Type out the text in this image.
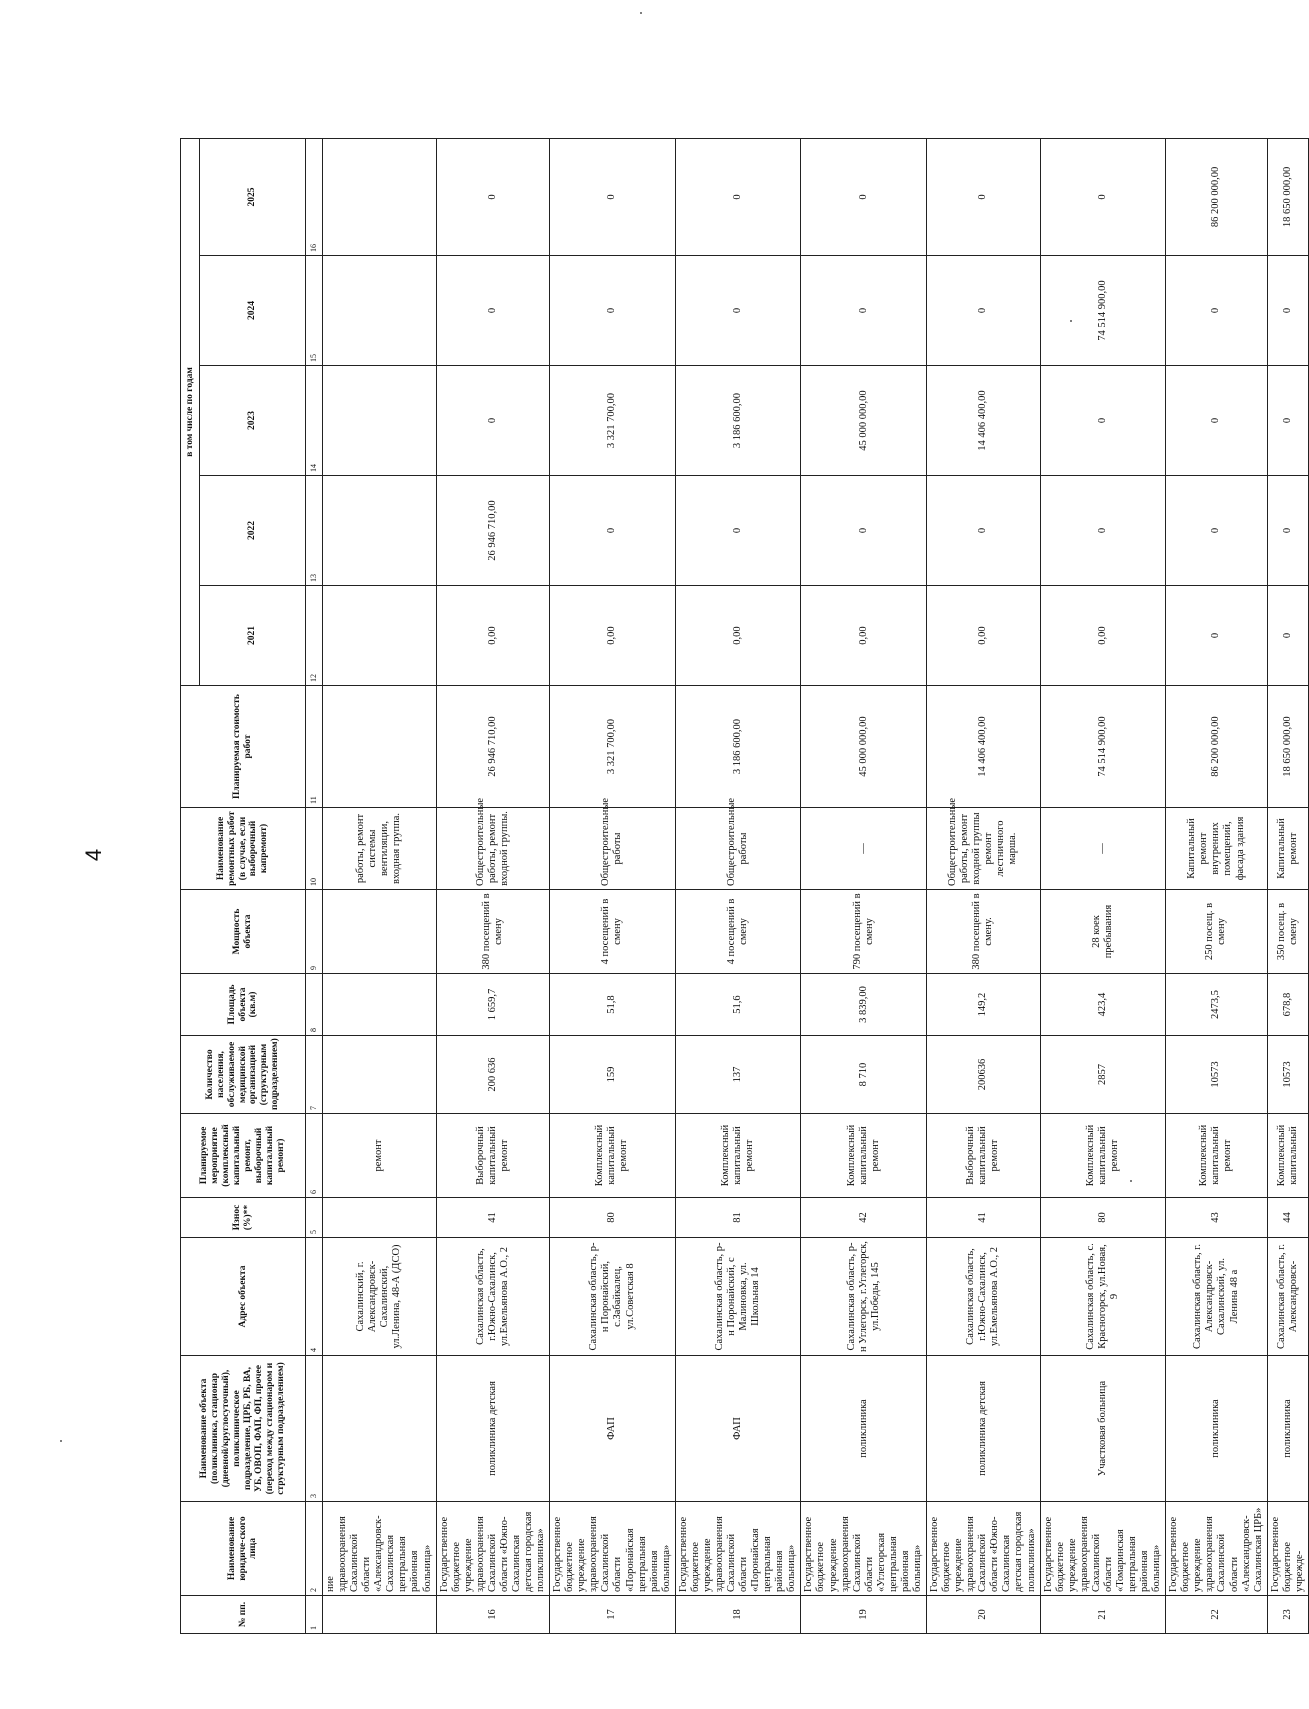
4
№ пп.	Наименование юридиче-ского лица	Наименование объекта (поликлиника, стационар (дневной/круглосуточный), поликлиническое подразделение, ЦРБ, РБ, ВА, УБ, ОВОП, ФАП, ФП, прочее (переход между стационаром и структурным подразделением)	Адрес объекта	Износ (%)**	Планируемое мероприятие (комплексный капитальный ремонт, выборочный капитальный ремонт)	Количество населения, обслуживаемое медицинской организацией (структурным подразделением)	Площадь объекта (кв.м)	Мощность объекта	Наименование ремонтных работ (в случае, если выборочный капремонт)	Планируемая стоимость работ	в том числе по годам				
											2021	2022	2023	2024	2025
1	2	3	4	5	6	7	8	9	10	11	12	13	14	15	16
	ние здравоохранения Сахалинской области «Александровск-Сахалинская центральная районная больница»		Сахалинский, г. Александровск-Сахалинский, ул.Ленина, 48-А (ДСО)		ремонт				работы, ремонт системы вентиляции, входная группа.						
16	Государственное бюджетное учреждение здравоохранения Сахалинской области «Южно-Сахалинская детская городская поликлиника»	поликлиника детская	Сахалинская область, г.Южно-Сахалинск, ул.Емельянова А.О., 2	41	Выборочный капитальный ремонт	200 636	1 659,7	380 посещений в смену	Общестроительные работы, ремонт входной группы.	26 946 710,00	0,00	26 946 710,00	0	0	0
17	Государственное бюджетное учреждение здравоохранения Сахалинской области «Поронайская центральная районная больница»	ФАП	Сахалинская область, р-н Поронайский, с.Забайкалец, ул.Советская 8	80	Комплексный капитальный ремонт	159	51,8	4 посещений в смену	Общестроительные работы	3 321 700,00	0,00	0	3 321 700,00	0	0
18	Государственное бюджетное учреждение здравоохранения Сахалинской области «Поронайская центральная районная больница»	ФАП	Сахалинская область, р-н Поронайский, с Малиновка, ул. Школьная 14	81	Комплексный капитальный ремонт	137	51,6	4 посещений в смену	Общестроительные работы	3 186 600,00	0,00	0	3 186 600,00	0	0
19	Государственное бюджетное учреждение здравоохранения Сахалинской области «Углегорская центральная районная больница»	поликлиника	Сахалинская область, р-н Углегорск, г.Углегорск, ул.Победы, 145	42	Комплексный капитальный ремонт	8 710	3 839,00	790 посещений в смену	—	45 000 000,00	0,00	0	45 000 000,00	0	0
20	Государственное бюджетное учреждение здравоохранения Сахалинской области «Южно-Сахалинская детская городская поликлиника»	поликлиника детская	Сахалинская область, г.Южно-Сахалинск, ул.Емельянова А.О., 2	41	Выборочный капитальный ремонт	200636	149,2	380 посещений в смену.	Общестроительные работы, ремонт входной группы ремонт лестничного марша.	14 406 400,00	0,00	0	14 406 400,00	0	0
21	Государственное бюджетное учреждение здравоохранения Сахалинской области «Томаринская центральная районная больница»	Участковая больница	Сахалинская область, с. Красногорск, ул.Новая, 9	80	Комплексный капитальный ремонт	2857	423,4	28 коек пребывания	—	74 514 900,00	0,00	0	0	74 514 900,00	0
22	Государственное бюджетное учреждение здравоохранения Сахалинской области «Александровск-Сахалинская ЦРБ»	поликлиника	Сахалинская область, г. Александровск-Сахалинский, ул. Ленина 48 а	43	Комплексный капитальный ремонт	10573	2473,5	250 посещ. в смену	Капитальный ремонт внутренних помещений, фасада здания	86 200 000,00	0	0	0	0	86 200 000,00
23	Государственное бюджетное учрежде-	поликлиника	Сахалинская область, г. Александровск-	44	Комплексный капитальный	10573	678,8	350 посещ. в смену	Капитальный ремонт	18 650 000,00	0	0	0	0	18 650 000,00
